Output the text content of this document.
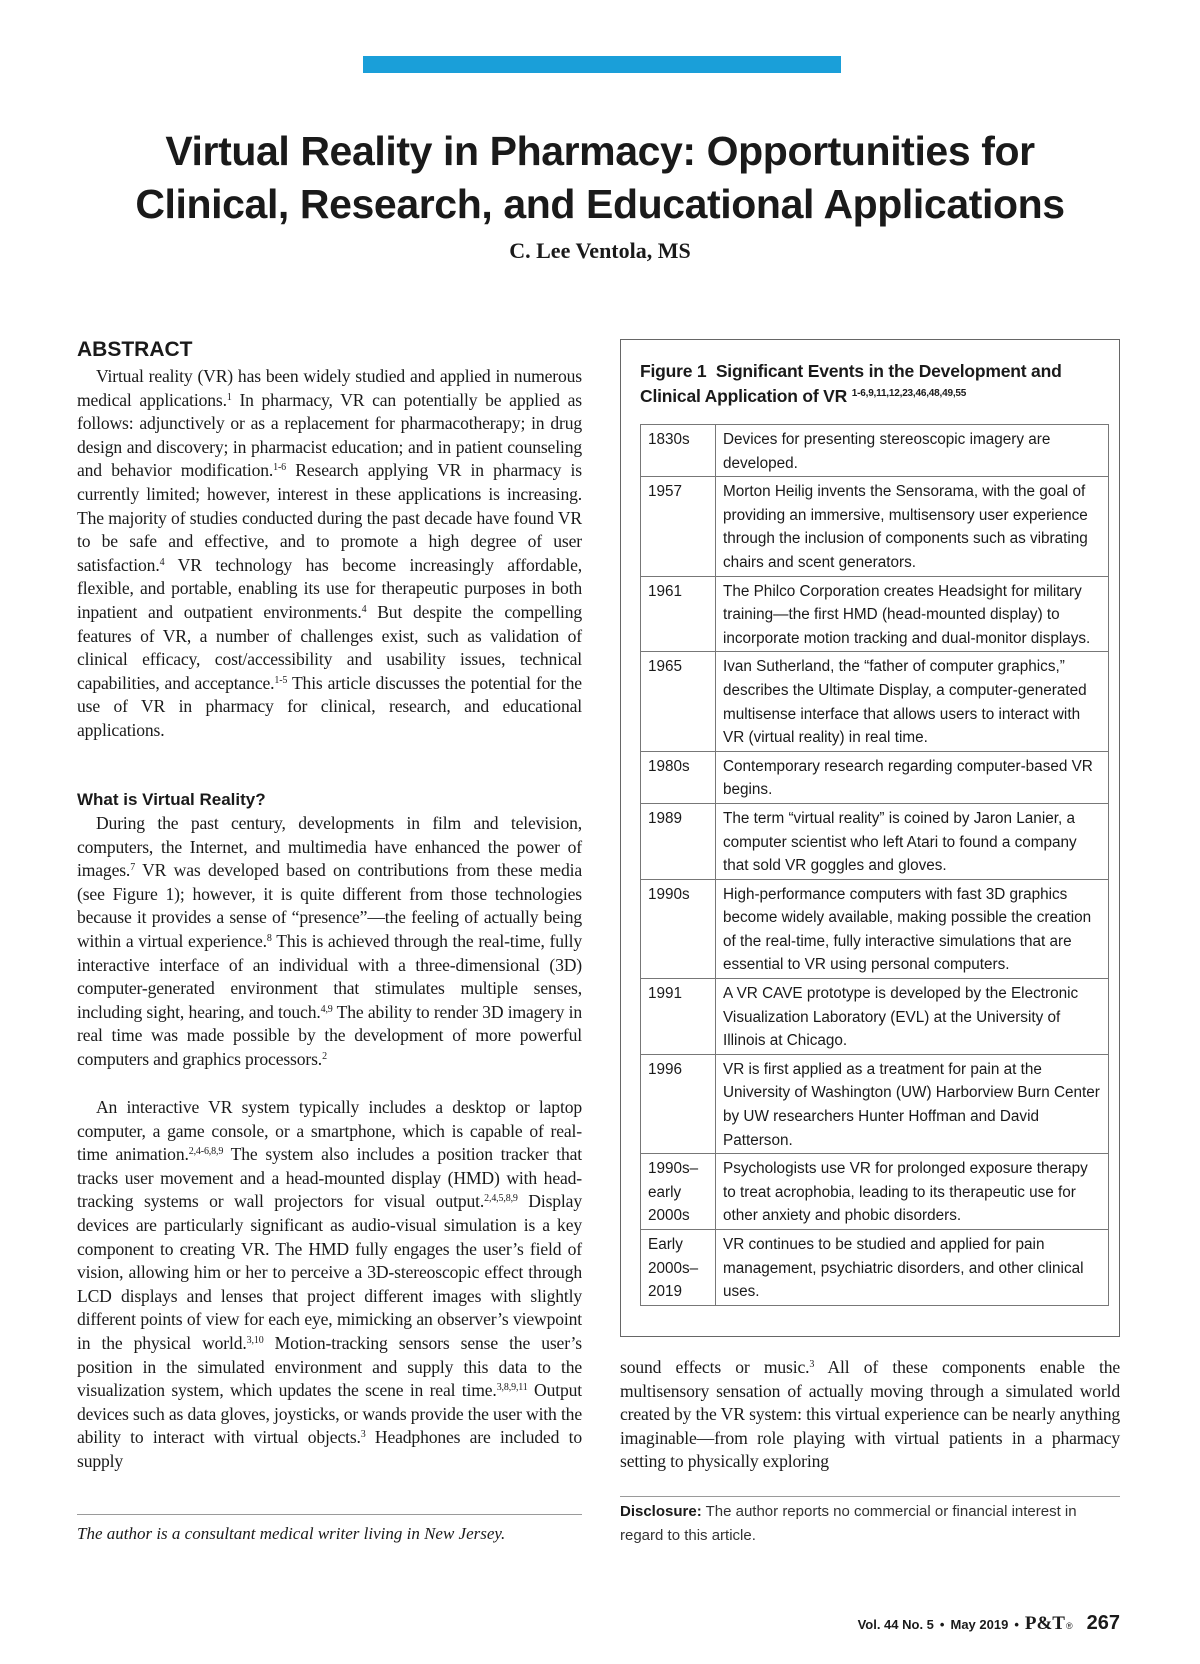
Virtual Reality in Pharmacy: Opportunities for
Clinical, Research, and Educational Applications
C. Lee Ventola, MS
ABSTRACT

Virtual reality (VR) has been widely studied and applied in numerous medical applications.$^1$ In pharmacy, VR can potentially be applied as follows: adjunctively or as a replacement for pharmacotherapy; in drug design and discovery; in pharmacist education; and in patient counseling and behavior modification.$^{1-6}$ Research applying VR in pharmacy is currently limited; however, interest in these applications is increasing. The majority of studies conducted during the past decade have found VR to be safe and effective, and to promote a high degree of user satisfaction.$^4$ VR technology has become increasingly affordable, flexible, and portable, enabling its use for therapeutic purposes in both inpatient and outpatient environments.$^4$ But despite the compelling features of VR, a number of challenges exist, such as validation of clinical efficacy, cost/accessibility and usability issues, technical capabilities, and acceptance.$^{1-5}$ This article discusses the potential for the use of VR in pharmacy for clinical, research, and educational applications.

What is Virtual Reality?

During the past century, developments in film and television, computers, the Internet, and multimedia have enhanced the power of images.$^7$ VR was developed based on contributions from these media (see Figure 1); however, it is quite different from those technologies because it provides a sense of “presence”—the feeling of actually being within a virtual experience.$^8$ This is achieved through the real-time, fully interactive interface of an individual with a three-dimensional (3D) computer-generated environment that stimulates multiple senses, including sight, hearing, and touch.$^{4,9}$ The ability to render 3D imagery in real time was made possible by the development of more powerful computers and graphics processors.$^2$

An interactive VR system typically includes a desktop or laptop computer, a game console, or a smartphone, which is capable of real-time animation.$^{2,4-6,8,9}$ The system also includes a position tracker that tracks user movement and a head-mounted display (HMD) with head-tracking systems or wall projectors for visual output.$^{2,4,5,8,9}$ Display devices are particularly significant as audio-visual simulation is a key component to creating VR. The HMD fully engages the user’s field of vision, allowing him or her to perceive a 3D-stereoscopic effect through LCD displays and lenses that project different images with slightly different points of view for each eye, mimicking an observer’s viewpoint in the physical world.$^{3,10}$ Motion-tracking sensors sense the user’s position in the simulated environment and supply this data to the visualization system, which updates the scene in real time.$^{3,8,9,11}$ Output devices such as data gloves, joysticks, or wands provide the user with the ability to interact with virtual objects.$^3$ Headphones are included to supply

The author is a consultant medical writer living in New Jersey.

Figure 1 Significant Events in the Development and
Clinical Application of VR $^{1-6,9,11,12,23,46,48,49,55}$

1830s	Devices for presenting stereoscopic imagery are developed.
1957	Morton Heilig invents the Sensorama, with the goal of providing an immersive, multisensory user experience through the inclusion of components such as vibrating chairs and scent generators.
1961	The Philco Corporation creates Headsight for military training—the first HMD (head-mounted display) to incorporate motion tracking and dual-monitor displays.
1965	Ivan Sutherland, the “father of computer graphics,” describes the Ultimate Display, a computer-generated multisense interface that allows users to interact with VR (virtual reality) in real time.
1980s	Contemporary research regarding computer-based VR begins.
1989	The term “virtual reality” is coined by Jaron Lanier, a computer scientist who left Atari to found a company that sold VR goggles and gloves.
1990s	High-performance computers with fast 3D graphics become widely available, making possible the creation of the real-time, fully interactive simulations that are essential to VR using personal computers.
1991	A VR CAVE prototype is developed by the Electronic Visualization Laboratory (EVL) at the University of Illinois at Chicago.
1996	VR is first applied as a treatment for pain at the University of Washington (UW) Harborview Burn Center by UW researchers Hunter Hoffman and David Patterson.
1990s–early 2000s	Psychologists use VR for prolonged exposure therapy to treat acrophobia, leading to its therapeutic use for other anxiety and phobic disorders.
Early 2000s–2019	VR continues to be studied and applied for pain management, psychiatric disorders, and other clinical uses.

sound effects or music.$^3$ All of these components enable the multisensory sensation of actually moving through a simulated world created by the VR system: this virtual experience can be nearly anything imaginable—from role playing with virtual patients in a pharmacy setting to physically exploring

Disclosure: The author reports no commercial or financial interest in regard to this article.

Vol. 44 No. 5 • May 2019 • P&T ® 267
